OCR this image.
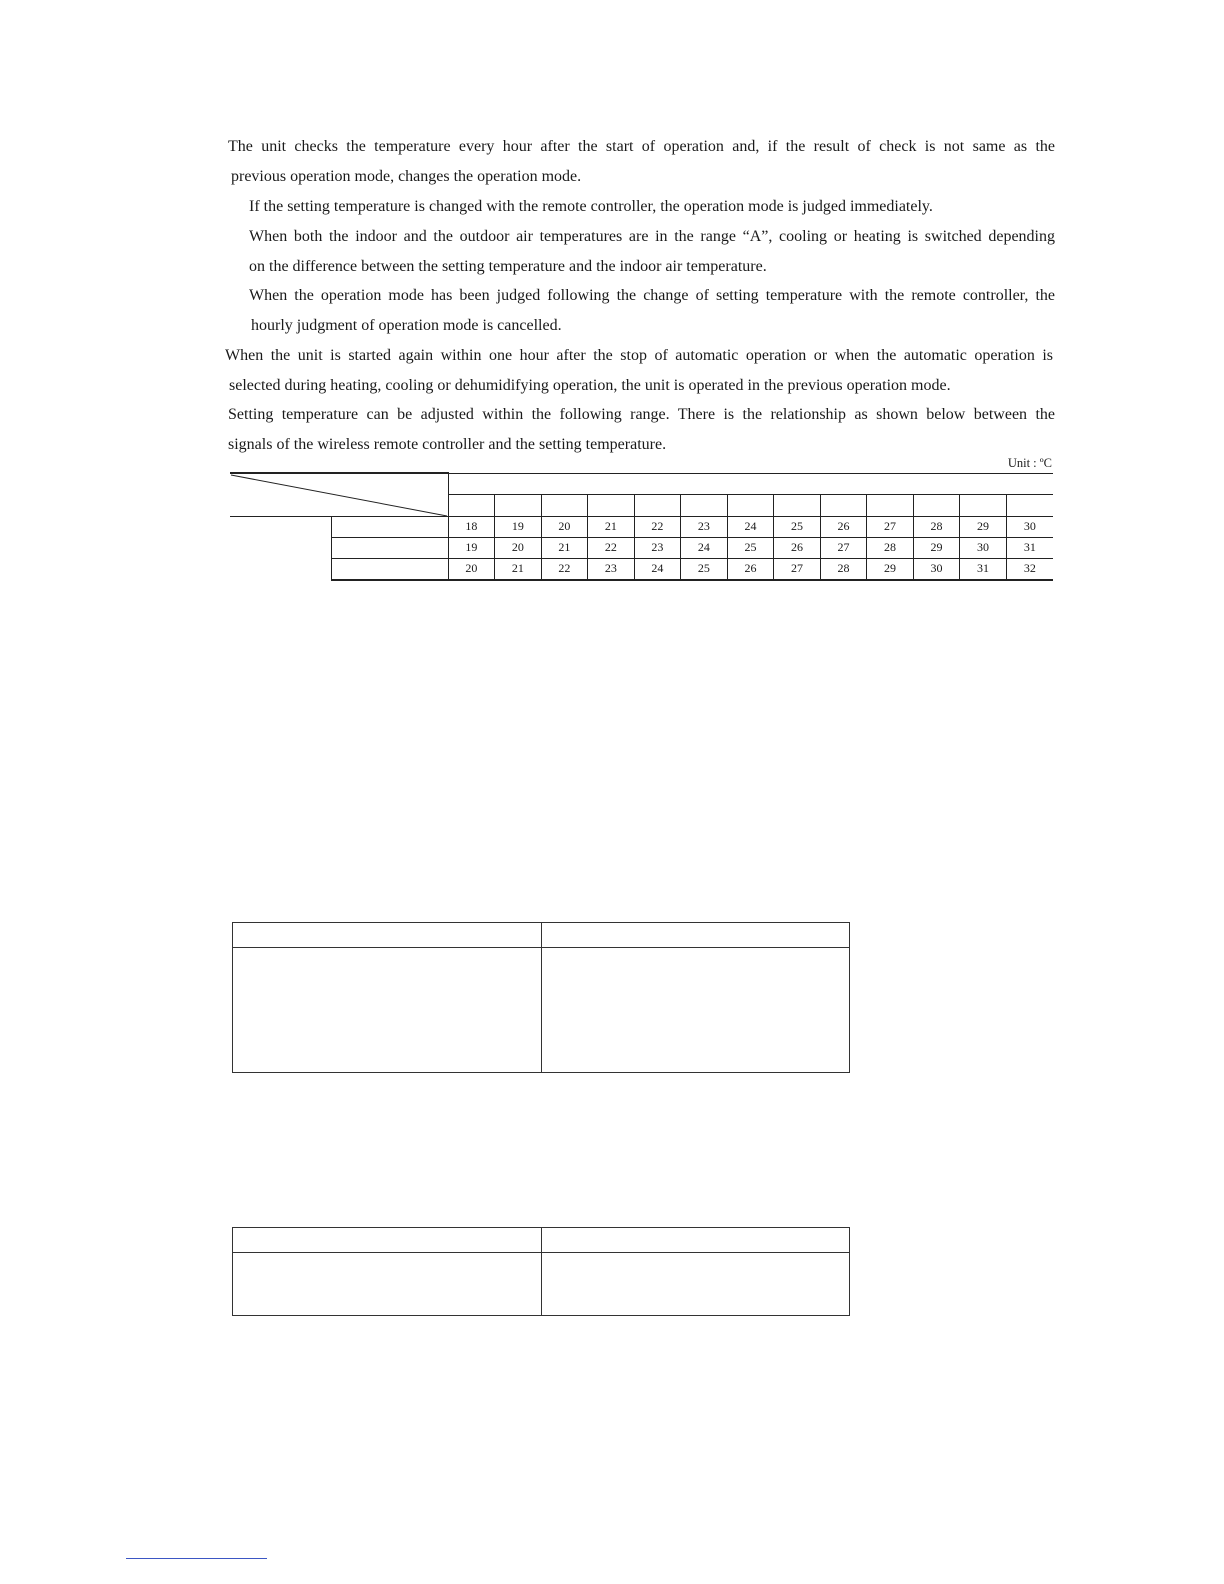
The unit checks the temperature every hour after the start of operation and, if the result of check is not same as the
previous operation mode, changes the operation mode.
If the setting temperature is changed with the remote controller, the operation mode is judged immediately.
When both the indoor and the outdoor air temperatures are in the range “A”, cooling or heating is switched depending
on the difference between the setting temperature and the indoor air temperature.
When the operation mode has been judged following the change of setting temperature with the remote controller, the
hourly judgment of operation mode is cancelled.
When the unit is started again within one hour after the stop of automatic operation or when the automatic operation is
selected during heating, cooling or dehumidifying operation, the unit is operated in the previous operation mode.
Setting temperature can be adjusted within the following range. There is the relationship as shown below between the
signals of the wireless remote controller and the setting temperature.
Unit : ºC

		18	19	20	21	22	23	24	25	26	27	28	29	30
		19	20	21	22	23	24	25	26	27	28	29	30	31
		20	21	22	23	24	25	26	27	28	29	30	31	32
